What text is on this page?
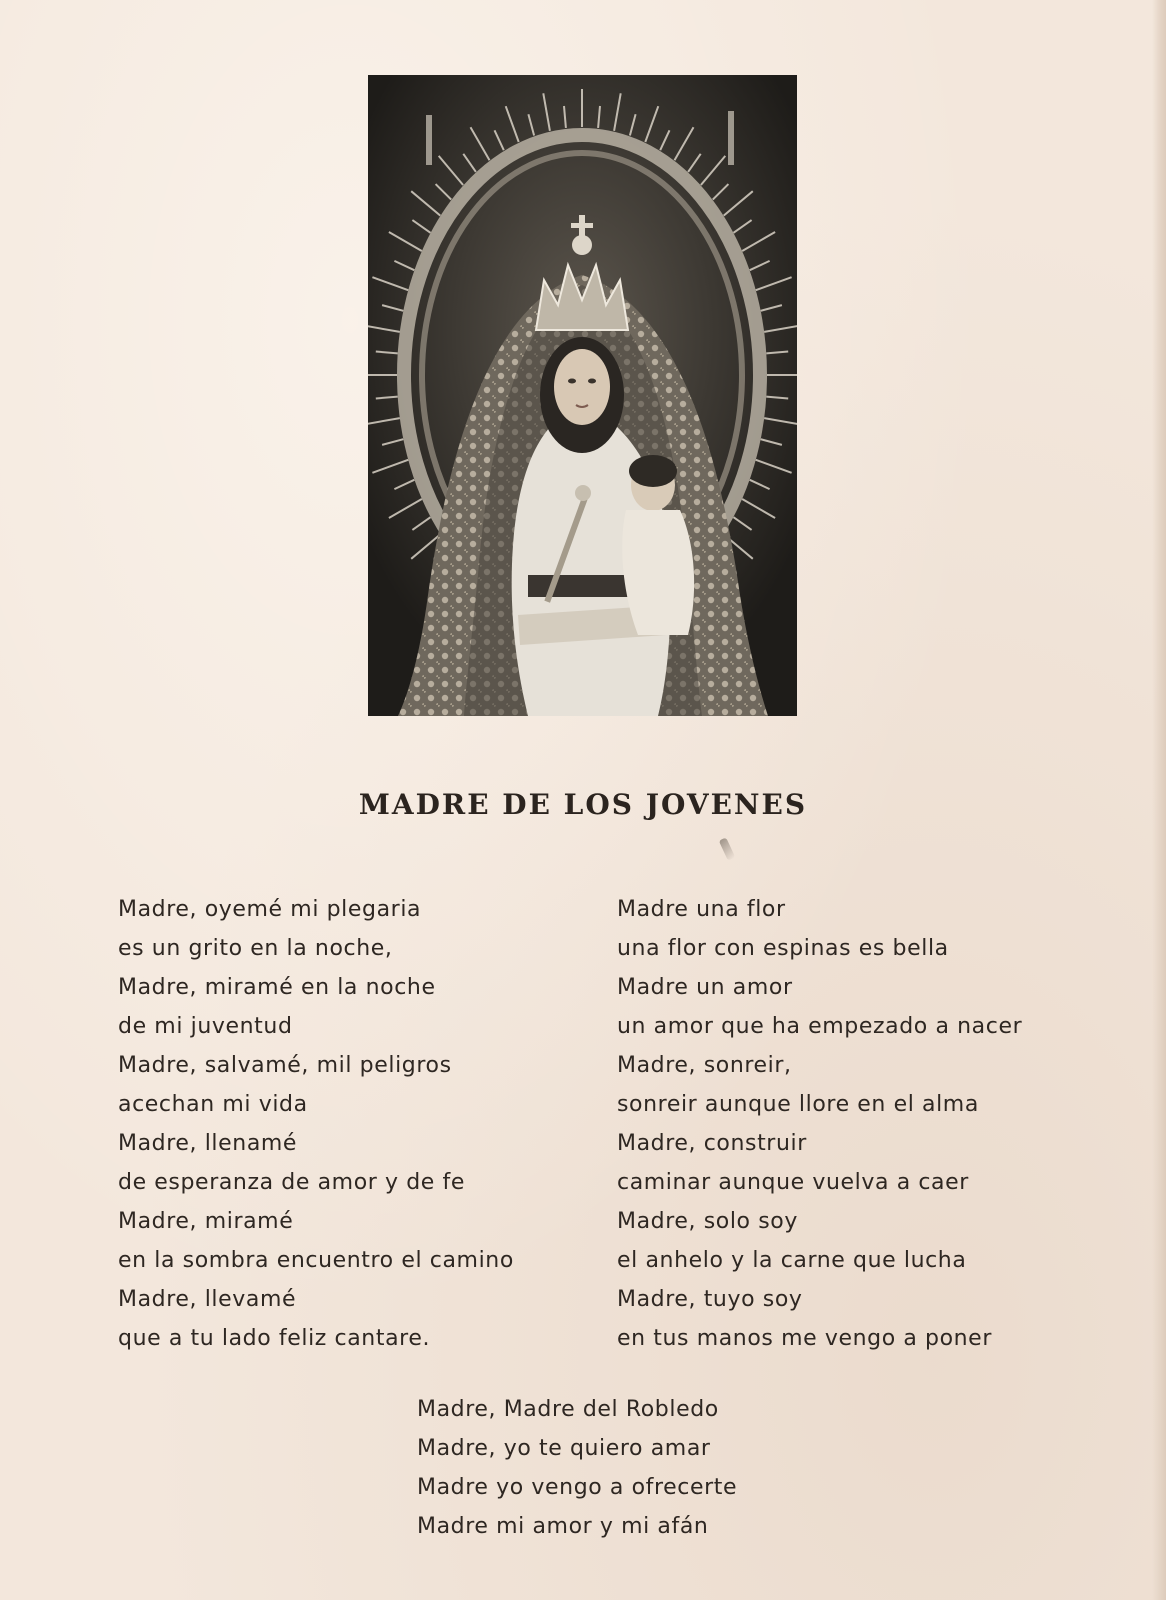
MADRE DE LOS JOVENES
Madre, oyemé mi plegaria
es un grito en la noche,
Madre, miramé en la noche
de mi juventud
Madre, salvamé, mil peligros
acechan mi vida
Madre, llenamé
de esperanza de amor y de fe
Madre, miramé
en la sombra encuentro el camino
Madre, llevamé
que a tu lado feliz cantare.
Madre una flor
una flor con espinas es bella
Madre un amor
un amor que ha empezado a nacer
Madre, sonreir,
sonreir aunque llore en el alma
Madre, construir
caminar aunque vuelva a caer
Madre, solo soy
el anhelo y la carne que lucha
Madre, tuyo soy
en tus manos me vengo a poner
Madre, Madre del Robledo
Madre, yo te quiero amar
Madre yo vengo a ofrecerte
Madre mi amor y mi afán
